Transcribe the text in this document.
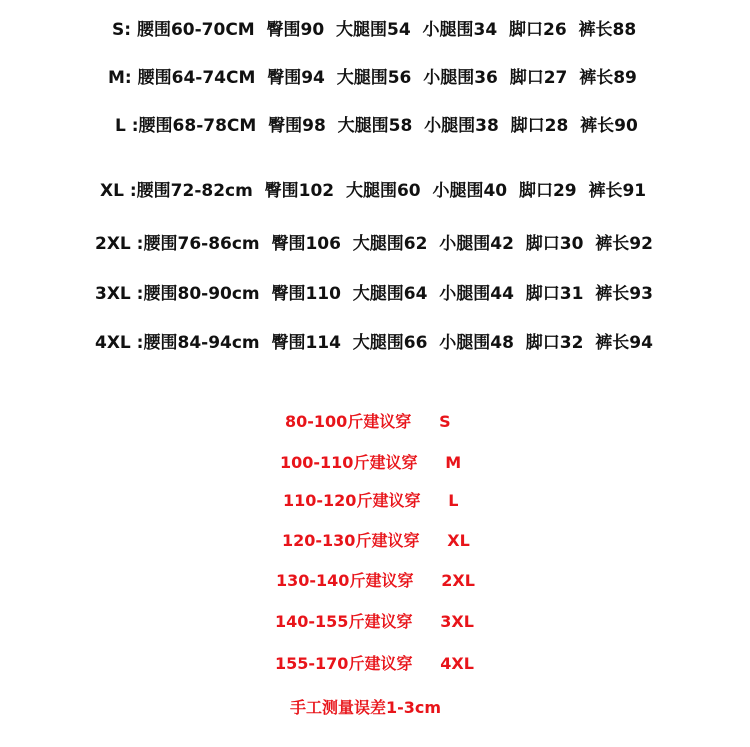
S: 腰围60-70CM  臀围90  大腿围54  小腿围34  脚口26  裤长88
M: 腰围64-74CM  臀围94  大腿围56  小腿围36  脚口27  裤长89
L :腰围68-78CM  臀围98  大腿围58  小腿围38  脚口28  裤长90
XL :腰围72-82cm  臀围102  大腿围60  小腿围40  脚口29  裤长91
2XL :腰围76-86cm  臀围106  大腿围62  小腿围42  脚口30  裤长92
3XL :腰围80-90cm  臀围110  大腿围64  小腿围44  脚口31  裤长93
4XL :腰围84-94cm  臀围114  大腿围66  小腿围48  脚口32  裤长94
80-100斤建议穿     S
100-110斤建议穿     M
110-120斤建议穿     L
120-130斤建议穿     XL
130-140斤建议穿     2XL
140-155斤建议穿     3XL
155-170斤建议穿     4XL
手工测量误差1-3cm
